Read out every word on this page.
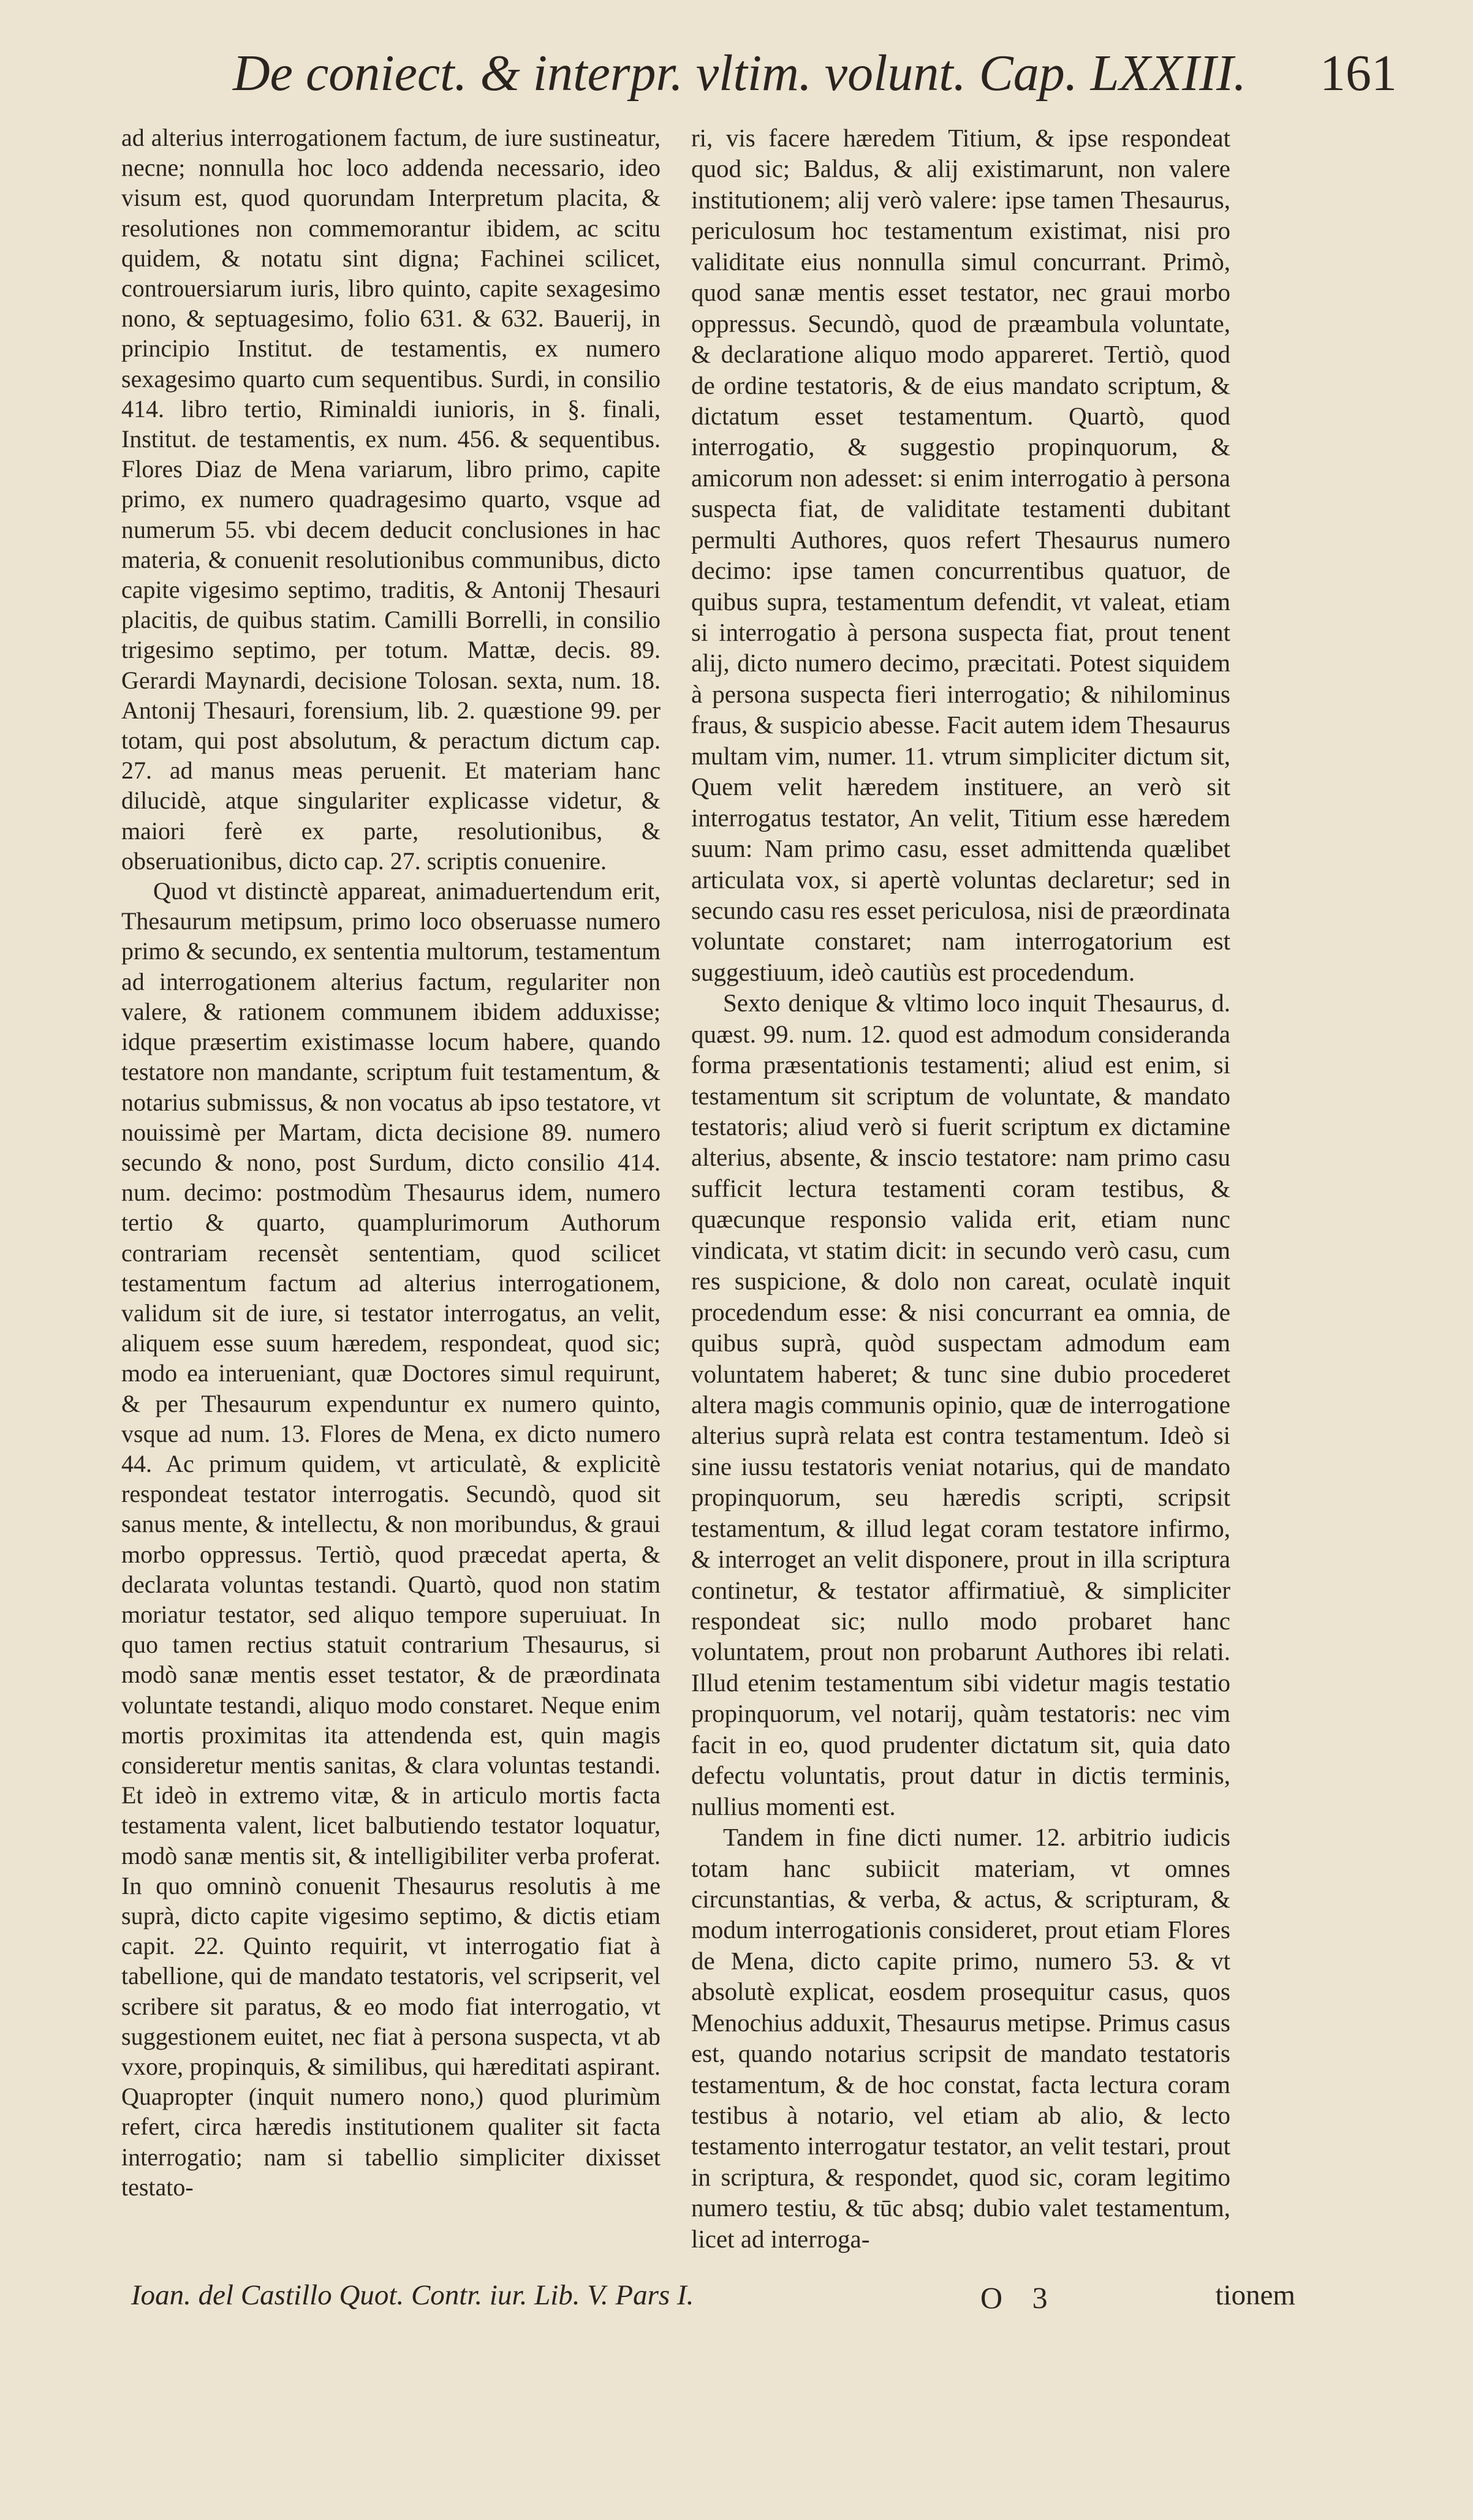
De coniect. & interpr. vltim. volunt. Cap. LXXIII. 161

ad alterius interrogationem factum, de iure sustineatur, necne; nonnulla hoc loco addenda necessario, ideo visum est, quod quorundam Interpretum placita, & resolutiones non commemorantur ibidem, ac scitu quidem, & notatu sint digna; Fachinei scilicet, controuersiarum iuris, libro quinto, capite sexagesimo nono, & septuagesimo, folio 631. & 632. Bauerij, in principio Institut. de testamentis, ex numero sexagesimo quarto cum sequentibus. Surdi, in consilio 414. libro tertio, Riminaldi iunioris, in §. finali, Institut. de testamentis, ex num. 456. & sequentibus. Flores Diaz de Mena variarum, libro primo, capite primo, ex numero quadragesimo quarto, vsque ad numerum 55. vbi decem deducit conclusiones in hac materia, & conuenit resolutionibus communibus, dicto capite vigesimo septimo, traditis, & Antonij Thesauri placitis, de quibus statim. Camilli Borrelli, in consilio trigesimo septimo, per totum. Mattæ, decis. 89. Gerardi Maynardi, decisione Tolosan. sexta, num. 18. Antonij Thesauri, forensium, lib. 2. quæstione 99. per totam, qui post absolutum, & peractum dictum cap. 27. ad manus meas peruenit. Et materiam hanc dilucidè, atque singulariter explicasse videtur, & maiori ferè ex parte, resolutionibus, & obseruationibus, dicto cap. 27. scriptis conuenire.

Quod vt distinctè appareat, animaduertendum erit, Thesaurum metipsum, primo loco obseruasse numero primo & secundo, ex sententia multorum, testamentum ad interrogationem alterius factum, regulariter non valere, & rationem communem ibidem adduxisse; idque præsertim existimasse locum habere, quando testatore non mandante, scriptum fuit testamentum, & notarius submissus, & non vocatus ab ipso testatore, vt nouissimè per Martam, dicta decisione 89. numero secundo & nono, post Surdum, dicto consilio 414. num. decimo: postmodùm Thesaurus idem, numero tertio & quarto, quamplurimorum Authorum contrariam recensèt sententiam, quod scilicet testamentum factum ad alterius interrogationem, validum sit de iure, si testator interrogatus, an velit, aliquem esse suum hæredem, respondeat, quod sic; modo ea interueniant, quæ Doctores simul requirunt, & per Thesaurum expenduntur ex numero quinto, vsque ad num. 13. Flores de Mena, ex dicto numero 44. Ac primum quidem, vt articulatè, & explicitè respondeat testator interrogatis. Secundò, quod sit sanus mente, & intellectu, & non moribundus, & graui morbo oppressus. Tertiò, quod præcedat aperta, & declarata voluntas testandi. Quartò, quod non statim moriatur testator, sed aliquo tempore superuiuat. In quo tamen rectius statuit contrarium Thesaurus, si modò sanæ mentis esset testator, & de præordinata voluntate testandi, aliquo modo constaret. Neque enim mortis proximitas ita attendenda est, quin magis consideretur mentis sanitas, & clara voluntas testandi. Et ideò in extremo vitæ, & in articulo mortis facta testamenta valent, licet balbutiendo testator loquatur, modò sanæ mentis sit, & intelligibiliter verba proferat. In quo omninò conuenit Thesaurus resolutis à me suprà, dicto capite vigesimo septimo, & dictis etiam capit. 22. Quinto requirit, vt interrogatio fiat à tabellione, qui de mandato testatoris, vel scripserit, vel scribere sit paratus, & eo modo fiat interrogatio, vt suggestionem euitet, nec fiat à persona suspecta, vt ab vxore, propinquis, & similibus, qui hæreditati aspirant. Quapropter (inquit numero nono,) quod plurimùm refert, circa hæredis institutionem qualiter sit facta interrogatio; nam si tabellio simpliciter dixisset testato-

ri, vis facere hæredem Titium, & ipse respondeat quod sic; Baldus, & alij existimarunt, non valere institutionem; alij verò valere: ipse tamen Thesaurus, periculosum hoc testamentum existimat, nisi pro validitate eius nonnulla simul concurrant. Primò, quod sanæ mentis esset testator, nec graui morbo oppressus. Secundò, quod de præambula voluntate, & declaratione aliquo modo appareret. Tertiò, quod de ordine testatoris, & de eius mandato scriptum, & dictatum esset testamentum. Quartò, quod interrogatio, & suggestio propinquorum, & amicorum non adesset: si enim interrogatio à persona suspecta fiat, de validitate testamenti dubitant permulti Authores, quos refert Thesaurus numero decimo: ipse tamen concurrentibus quatuor, de quibus supra, testamentum defendit, vt valeat, etiam si interrogatio à persona suspecta fiat, prout tenent alij, dicto numero decimo, præcitati. Potest siquidem à persona suspecta fieri interrogatio; & nihilominus fraus, & suspicio abesse. Facit autem idem Thesaurus multam vim, numer. 11. vtrum simpliciter dictum sit, Quem velit hæredem instituere, an verò sit interrogatus testator, An velit, Titium esse hæredem suum: Nam primo casu, esset admittenda quælibet articulata vox, si apertè voluntas declaretur; sed in secundo casu res esset periculosa, nisi de præordinata voluntate constaret; nam interrogatorium est suggestiuum, ideò cautiùs est procedendum.

Sexto denique & vltimo loco inquit Thesaurus, d. quæst. 99. num. 12. quod est admodum consideranda forma præsentationis testamenti; aliud est enim, si testamentum sit scriptum de voluntate, & mandato testatoris; aliud verò si fuerit scriptum ex dictamine alterius, absente, & inscio testatore: nam primo casu sufficit lectura testamenti coram testibus, & quæcunque responsio valida erit, etiam nunc vindicata, vt statim dicit: in secundo verò casu, cum res suspicione, & dolo non careat, oculatè inquit procedendum esse: & nisi concurrant ea omnia, de quibus suprà, quòd suspectam admodum eam voluntatem haberet; & tunc sine dubio procederet altera magis communis opinio, quæ de interrogatione alterius suprà relata est contra testamentum. Ideò si sine iussu testatoris veniat notarius, qui de mandato propinquorum, seu hæredis scripti, scripsit testamentum, & illud legat coram testatore infirmo, & interroget an velit disponere, prout in illa scriptura continetur, & testator affirmatiuè, & simpliciter respondeat sic; nullo modo probaret hanc voluntatem, prout non probarunt Authores ibi relati. Illud etenim testamentum sibi videtur magis testatio propinquorum, vel notarij, quàm testatoris: nec vim facit in eo, quod prudenter dictatum sit, quia dato defectu voluntatis, prout datur in dictis terminis, nullius momenti est.

Tandem in fine dicti numer. 12. arbitrio iudicis totam hanc subiicit materiam, vt omnes circunstantias, & verba, & actus, & scripturam, & modum interrogationis consideret, prout etiam Flores de Mena, dicto capite primo, numero 53. & vt absolutè explicat, eosdem prosequitur casus, quos Menochius adduxit, Thesaurus metipse. Primus casus est, quando notarius scripsit de mandato testatoris testamentum, & de hoc constat, facta lectura coram testibus à notario, vel etiam ab alio, & lecto testamento interrogatur testator, an velit testari, prout in scriptura, & respondet, quod sic, coram legitimo numero testiu, & tūc absq; dubio valet testamentum, licet ad interroga-

Ioan. del Castillo Quot. Contr. iur. Lib. V. Pars I.	O 3	tionem
